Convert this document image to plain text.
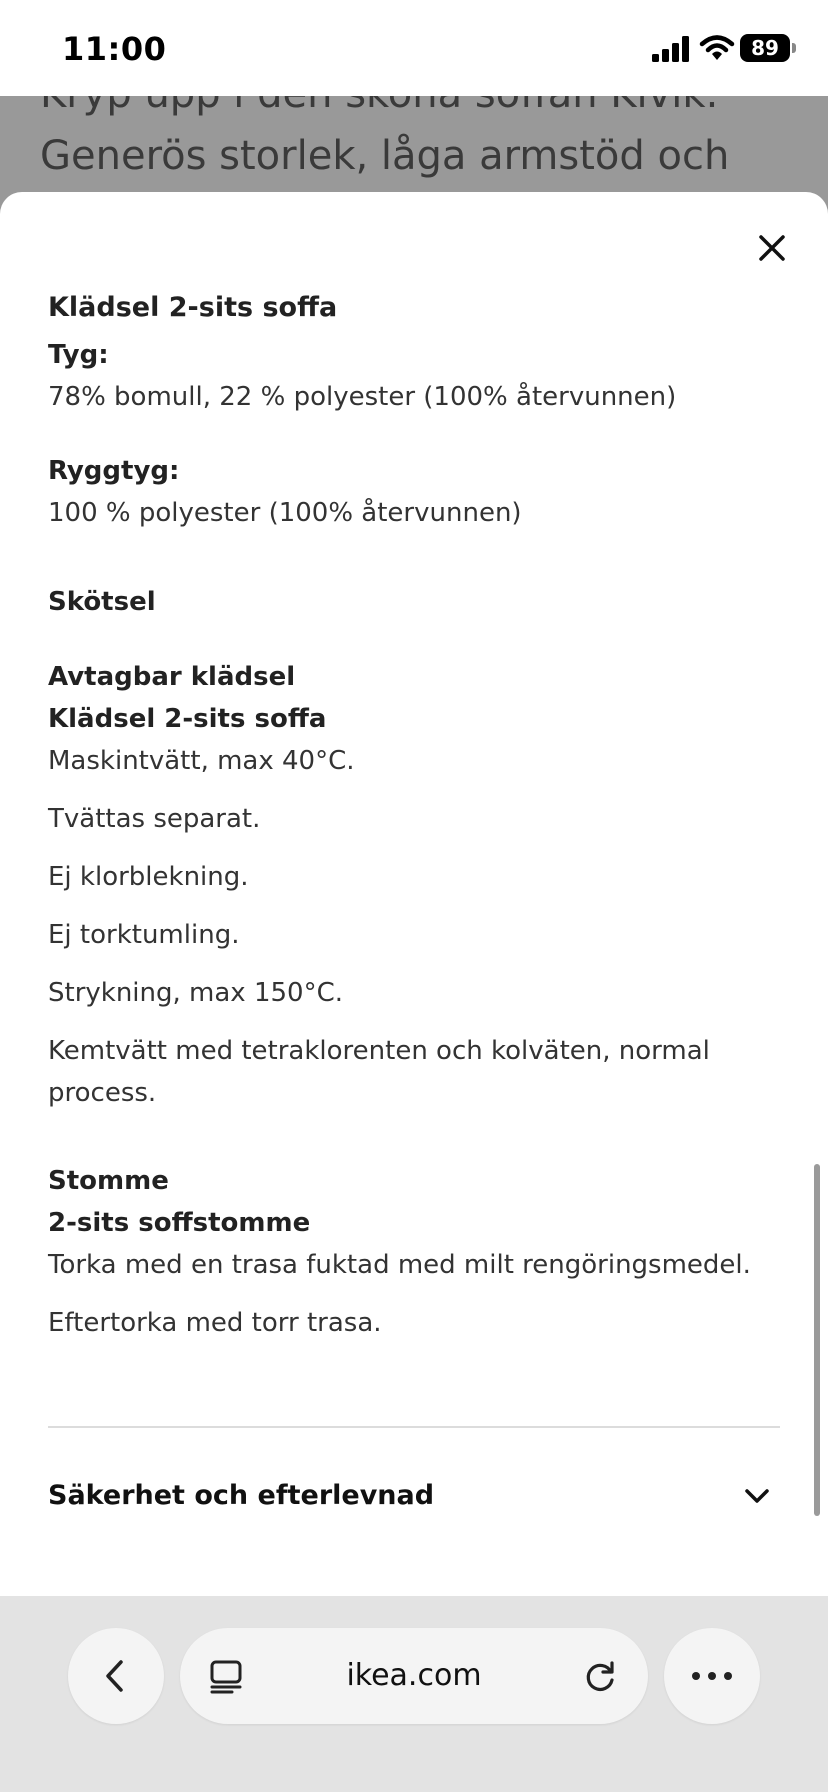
11:00	89
Generös storlek, låga armstöd och
Klädsel 2-sits soffa
Tyg:
78% bomull, 22 % polyester (100% återvunnen)
Ryggtyg:
100 % polyester (100% återvunnen)
Skötsel
Avtagbar klädsel
Klädsel 2-sits soffa
Maskintvätt, max 40°C.
Tvättas separat.
Ej klorblekning.
Ej torktumling.
Strykning, max 150°C.
Kemtvätt med tetraklorenten och kolväten, normal
process.
Stomme
2-sits soffstomme
Torka med en trasa fuktad med milt rengöringsmedel.
Eftertorka med torr trasa.
Säkerhet och efterlevnad
ikea.com
